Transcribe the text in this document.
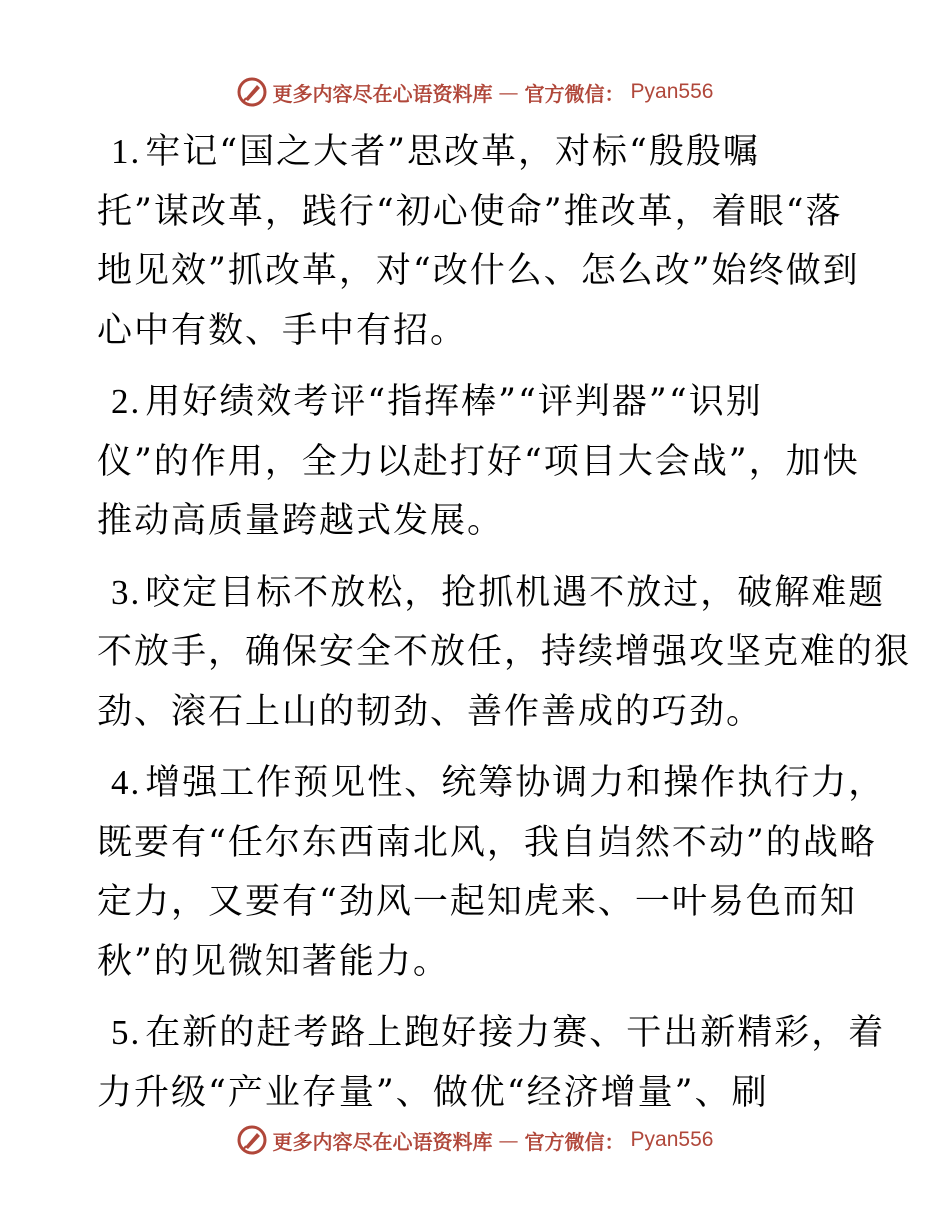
更多内容尽在心语资料库 — 官方微信： Pyan556
1. 牢记“国之大者”思改革，对标“殷殷嘱
托”谋改革，践行“初心使命”推改革，着眼“落
地见效”抓改革，对“改什么、怎么改”始终做到
心中有数、手中有招。
2. 用好绩效考评“指挥棒”“评判器”“识别
仪”的作用，全力以赴打好“项目大会战”，加快
推动高质量跨越式发展。
3. 咬定目标不放松，抢抓机遇不放过，破解难题
不放手，确保安全不放任，持续增强攻坚克难的狠
劲、滚石上山的韧劲、善作善成的巧劲。
4. 增强工作预见性、统筹协调力和操作执行力，
既要有“任尔东西南北风，我自岿然不动”的战略
定力，又要有“劲风一起知虎来、一叶易色而知
秋”的见微知著能力。
5. 在新的赶考路上跑好接力赛、干出新精彩，着
力升级“产业存量”、做优“经济增量”、刷
更多内容尽在心语资料库 — 官方微信： Pyan556
